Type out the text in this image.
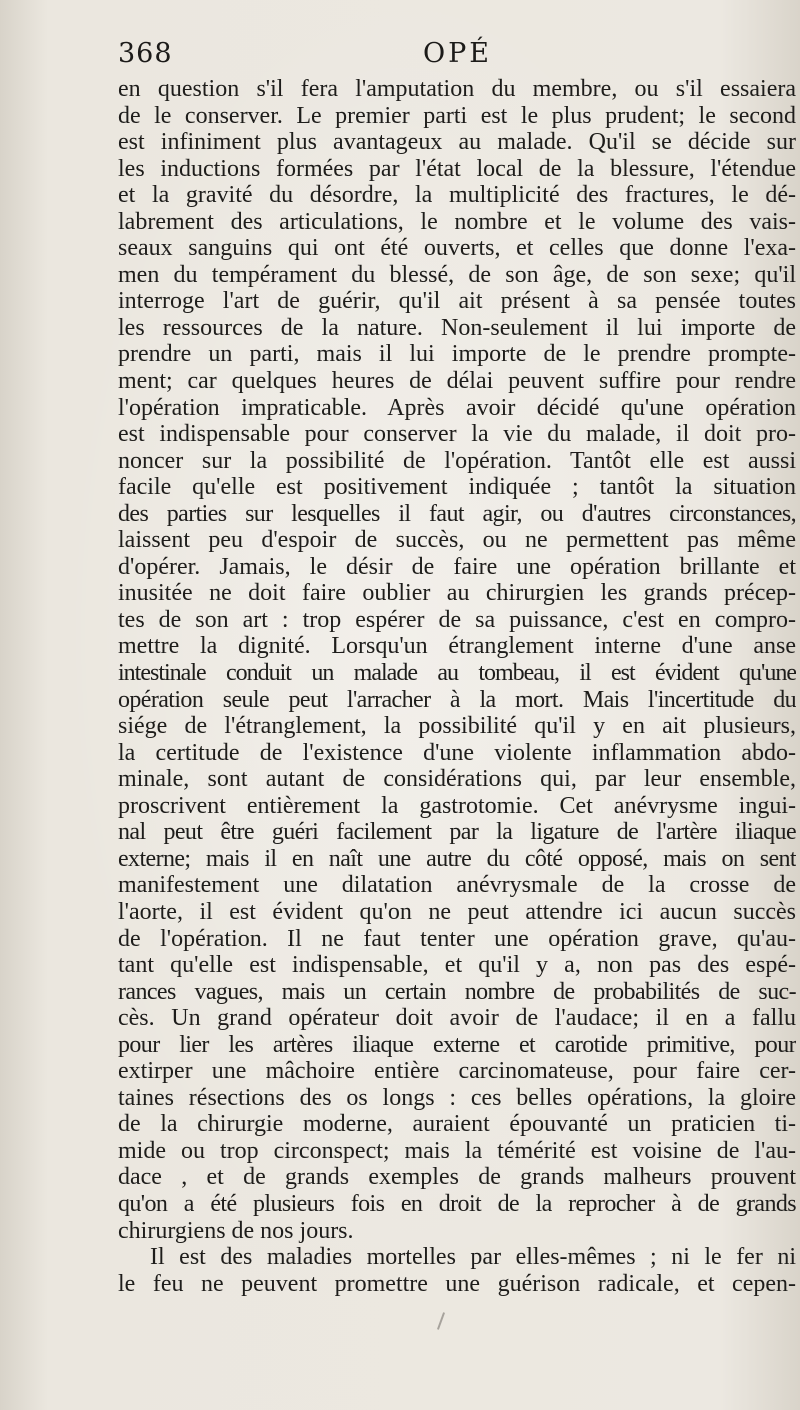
368	OPÉ
en question s'il fera l'amputation du membre, ou s'il essaiera
de le conserver. Le premier parti est le plus prudent; le second
est infiniment plus avantageux au malade. Qu'il se décide sur
les inductions formées par l'état local de la blessure, l'étendue
et la gravité du désordre, la multiplicité des fractures, le dé-
labrement des articulations, le nombre et le volume des vais-
seaux sanguins qui ont été ouverts, et celles que donne l'exa-
men du tempérament du blessé, de son âge, de son sexe; qu'il
interroge l'art de guérir, qu'il ait présent à sa pensée toutes
les ressources de la nature. Non-seulement il lui importe de
prendre un parti, mais il lui importe de le prendre prompte-
ment; car quelques heures de délai peuvent suffire pour rendre
l'opération impraticable. Après avoir décidé qu'une opération
est indispensable pour conserver la vie du malade, il doit pro-
noncer sur la possibilité de l'opération. Tantôt elle est aussi
facile qu'elle est positivement indiquée ; tantôt la situation
des parties sur lesquelles il faut agir, ou d'autres circonstances,
laissent peu d'espoir de succès, ou ne permettent pas même
d'opérer. Jamais, le désir de faire une opération brillante et
inusitée ne doit faire oublier au chirurgien les grands précep-
tes de son art : trop espérer de sa puissance, c'est en compro-
mettre la dignité. Lorsqu'un étranglement interne d'une anse
intestinale conduit un malade au tombeau, il est évident qu'une
opération seule peut l'arracher à la mort. Mais l'incertitude du
siége de l'étranglement, la possibilité qu'il y en ait plusieurs,
la certitude de l'existence d'une violente inflammation abdo-
minale, sont autant de considérations qui, par leur ensemble,
proscrivent entièrement la gastrotomie. Cet anévrysme ingui-
nal peut être guéri facilement par la ligature de l'artère iliaque
externe; mais il en naît une autre du côté opposé, mais on sent
manifestement une dilatation anévrysmale de la crosse de
l'aorte, il est évident qu'on ne peut attendre ici aucun succès
de l'opération. Il ne faut tenter une opération grave, qu'au-
tant qu'elle est indispensable, et qu'il y a, non pas des espé-
rances vagues, mais un certain nombre de probabilités de suc-
cès. Un grand opérateur doit avoir de l'audace; il en a fallu
pour lier les artères iliaque externe et carotide primitive, pour
extirper une mâchoire entière carcinomateuse, pour faire cer-
taines résections des os longs : ces belles opérations, la gloire
de la chirurgie moderne, auraient épouvanté un praticien ti-
mide ou trop circonspect; mais la témérité est voisine de l'au-
dace , et de grands exemples de grands malheurs prouvent
qu'on a été plusieurs fois en droit de la reprocher à de grands
chirurgiens de nos jours.
Il est des maladies mortelles par elles-mêmes ; ni le fer ni
le feu ne peuvent promettre une guérison radicale, et cepen-
